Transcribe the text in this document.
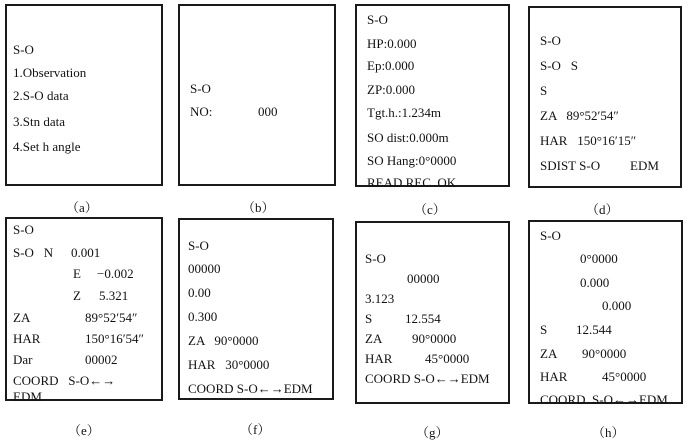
S-O
1.Observation
2.S-O data
3.Stn data
4.Set h angle
（a）
S-O
NO:	000
（b）
S-O
HP:0.000
Ep:0.000
ZP:0.000
Tgt.h.:1.234m
SO dist:0.000m
SO Hang:0°0000
READ REC  OK
（c）
S-O
S-O   S
S
ZA   89°52′54″
HAR   150°16′15″
SDIST S-O EDM
（d）
S-O
S-O   N 0.001
E −0.002
Z 5.321
ZA	89°52′54″
HAR	150°16′54″
Dar	00002
COORD   S-O←→
EDM
（e）
S-O
00000
0.00
0.300
ZA   90°0000
HAR   30°0000
COORD S-O←→EDM
（f）
S-O
00000
3.123
S	12.554
ZA 90°0000
HAR	45°0000
COORD S-O←→EDM
（g）
S-O
0°0000
0.000
0.000
S 12.544
ZA 90°0000
HAR	45°0000
COORD  S-O←→EDM
（h）
